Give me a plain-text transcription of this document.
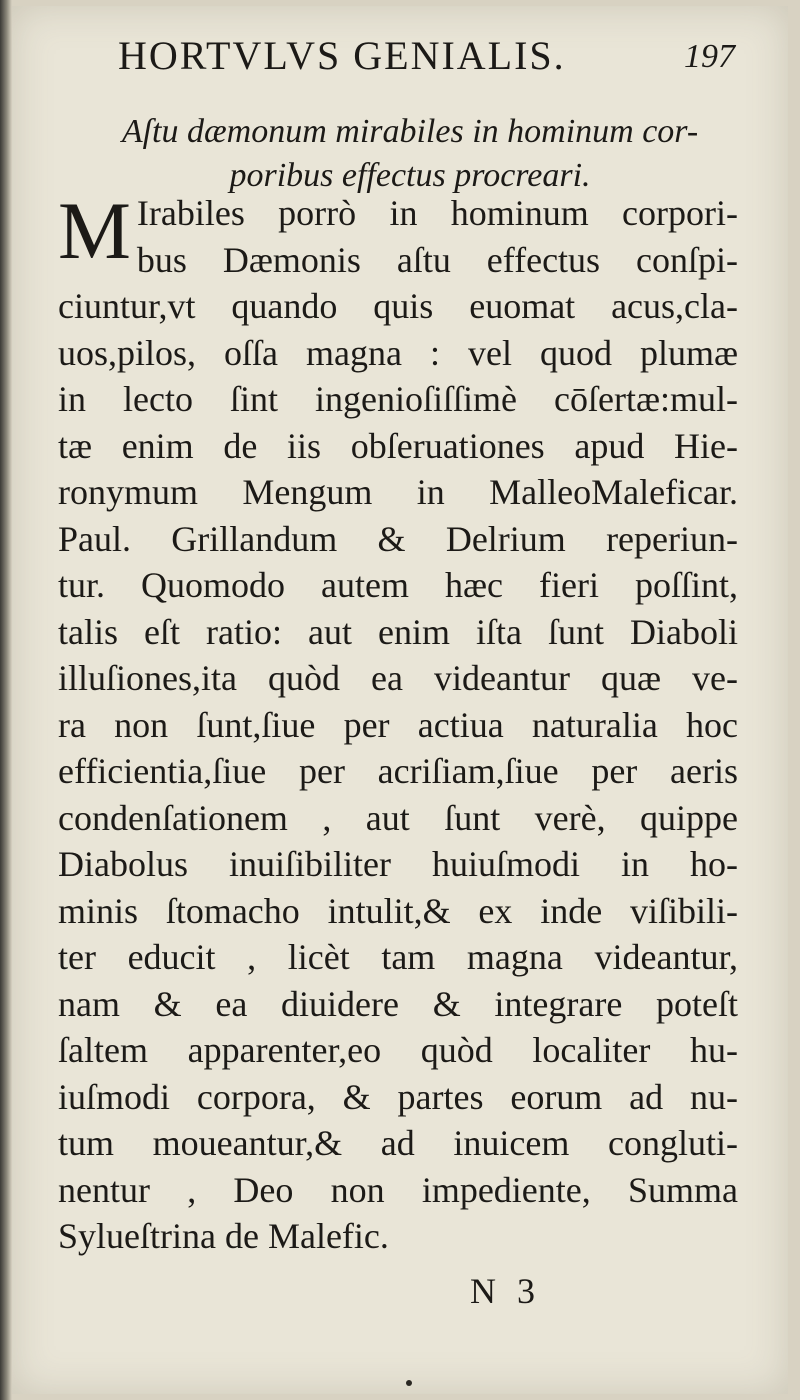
HORTVLVS GENIALIS.	197
Aſtu dæmonum mirabiles in hominum cor-
poribus effectus procreari.
M Irabiles porrò in hominum corpori-
bus Dæmonis aſtu effectus conſpi-
ciuntur,vt quando quis euomat acus,cla-
uos,pilos, oſſa magna : vel quod plumæ
in lecto ſint ingenioſiſſimè cōſertæ:mul-
tæ enim de iis obſeruationes apud Hie-
ronymum Mengum in MalleoMaleficar.
Paul. Grillandum & Delrium reperiun-
tur. Quomodo autem hæc fieri poſſint,
talis eſt ratio: aut enim iſta ſunt Diaboli
illuſiones,ita quòd ea videantur quæ ve-
ra non ſunt,ſiue per actiua naturalia hoc
efficientia,ſiue per acriſiam,ſiue per aeris
condenſationem , aut ſunt verè, quippe
Diabolus inuiſibiliter huiuſmodi in ho-
minis ſtomacho intulit,& ex inde viſibili-
ter educit , licèt tam magna videantur,
nam & ea diuidere & integrare poteſt
ſaltem apparenter,eo quòd localiter hu-
iuſmodi corpora, & partes eorum ad nu-
tum moueantur,& ad inuicem congluti-
nentur , Deo non impediente, Summa
Sylueſtrina de Malefic.
N 3
